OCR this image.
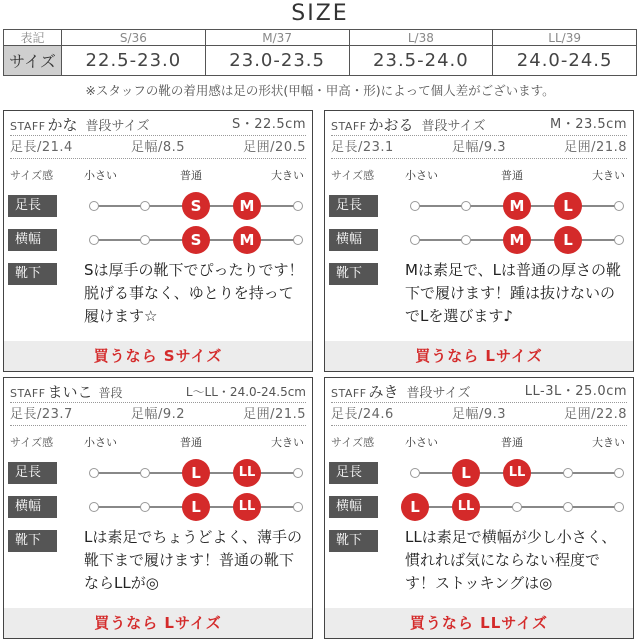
SIZE
表記	S/36	M/37	L/38	LL/39
サイズ	22.5-23.0	23.0-23.5	23.5-24.0	24.0-24.5
※スタッフの靴の着用感は足の形状(甲幅・甲高・形)によって個人差がございます。
STAFF かな 普段サイズ	S・22.5cm
足長/21.4	足幅/8.5	足囲/20.5
サイズ感	小さい	普通	大きい
足長	S	M
横幅	S	M
靴下	Sは厚手の靴下でぴったりです！脱げる事なく、ゆとりを持って履けます☆
買うなら Sサイズ
STAFF かおる 普段サイズ	M・23.5cm
足長/23.1	足幅/9.3	足囲/21.8
サイズ感	小さい	普通	大きい
足長	M	L
横幅	M	L
靴下	Mは素足で、Lは普通の厚さの靴下で履けます！踵は抜けないのでLを選びます♪
買うなら Lサイズ
STAFF まいこ 普段	L～LL・24.0-24.5cm
足長/23.7	足幅/9.2	足囲/21.5
サイズ感	小さい	普通	大きい
足長	L	LL
横幅	L	LL
靴下	Lは素足でちょうどよく、薄手の靴下まで履けます！普通の靴下ならLLが◎
買うなら Lサイズ
STAFF みき 普段サイズ	LL-3L・25.0cm
足長/24.6	足幅/9.3	足囲/22.8
サイズ感	小さい	普通	大きい
足長	L	LL
横幅	L	LL
靴下	LLは素足で横幅が少し小さく、慣れれば気にならない程度です！ストッキングは◎
買うなら LLサイズ
